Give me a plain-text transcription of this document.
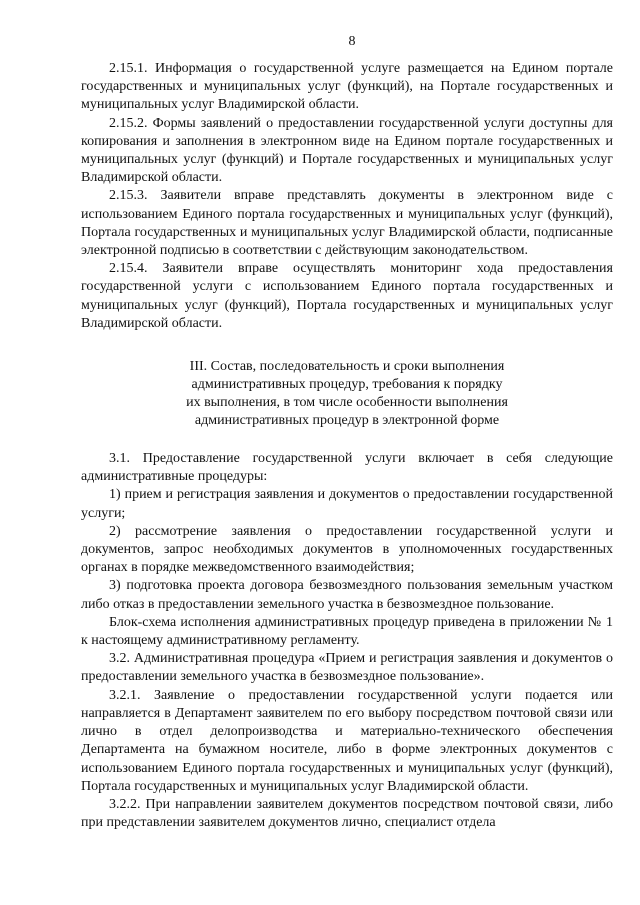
8

2.15.1. Информация о государственной услуге размещается на Едином портале государственных и муниципальных услуг (функций), на Портале государственных и муниципальных услуг Владимирской области.

2.15.2. Формы заявлений о предоставлении государственной услуги доступны для копирования и заполнения в электронном виде на Едином портале государственных и муниципальных услуг (функций) и Портале государственных и муниципальных услуг Владимирской области.

2.15.3. Заявители вправе представлять документы в электронном виде с использованием Единого портала государственных и муниципальных услуг (функций), Портала государственных и муниципальных услуг Владимирской области, подписанные электронной подписью в соответствии с действующим законодательством.

2.15.4. Заявители вправе осуществлять мониторинг хода предоставления государственной услуги с использованием Единого портала государственных и муниципальных услуг (функций), Портала государственных и муниципальных услуг Владимирской области.

III. Состав, последовательность и сроки выполнения
административных процедур, требования к порядку
их выполнения, в том числе особенности выполнения
административных процедур в электронной форме

3.1. Предоставление государственной услуги включает в себя следующие административные процедуры:

1) прием и регистрация заявления и документов о предоставлении государственной услуги;

2) рассмотрение заявления о предоставлении государственной услуги и документов, запрос необходимых документов в уполномоченных государственных органах в порядке межведомственного взаимодействия;

3) подготовка проекта договора безвозмездного пользования земельным участком либо отказ в предоставлении земельного участка в безвозмездное пользование.

Блок-схема исполнения административных процедур приведена в приложении № 1 к настоящему административному регламенту.

3.2. Административная процедура «Прием и регистрация заявления и документов о предоставлении земельного участка в безвозмездное пользование».

3.2.1. Заявление о предоставлении государственной услуги подается или направляется в Департамент заявителем по его выбору посредством почтовой связи или лично в отдел делопроизводства и материально-технического обеспечения Департамента на бумажном носителе, либо в форме электронных документов с использованием Единого портала государственных и муниципальных услуг (функций), Портала государственных и муниципальных услуг Владимирской области.

3.2.2. При направлении заявителем документов посредством почтовой связи, либо при представлении заявителем документов лично, специалист отдела
